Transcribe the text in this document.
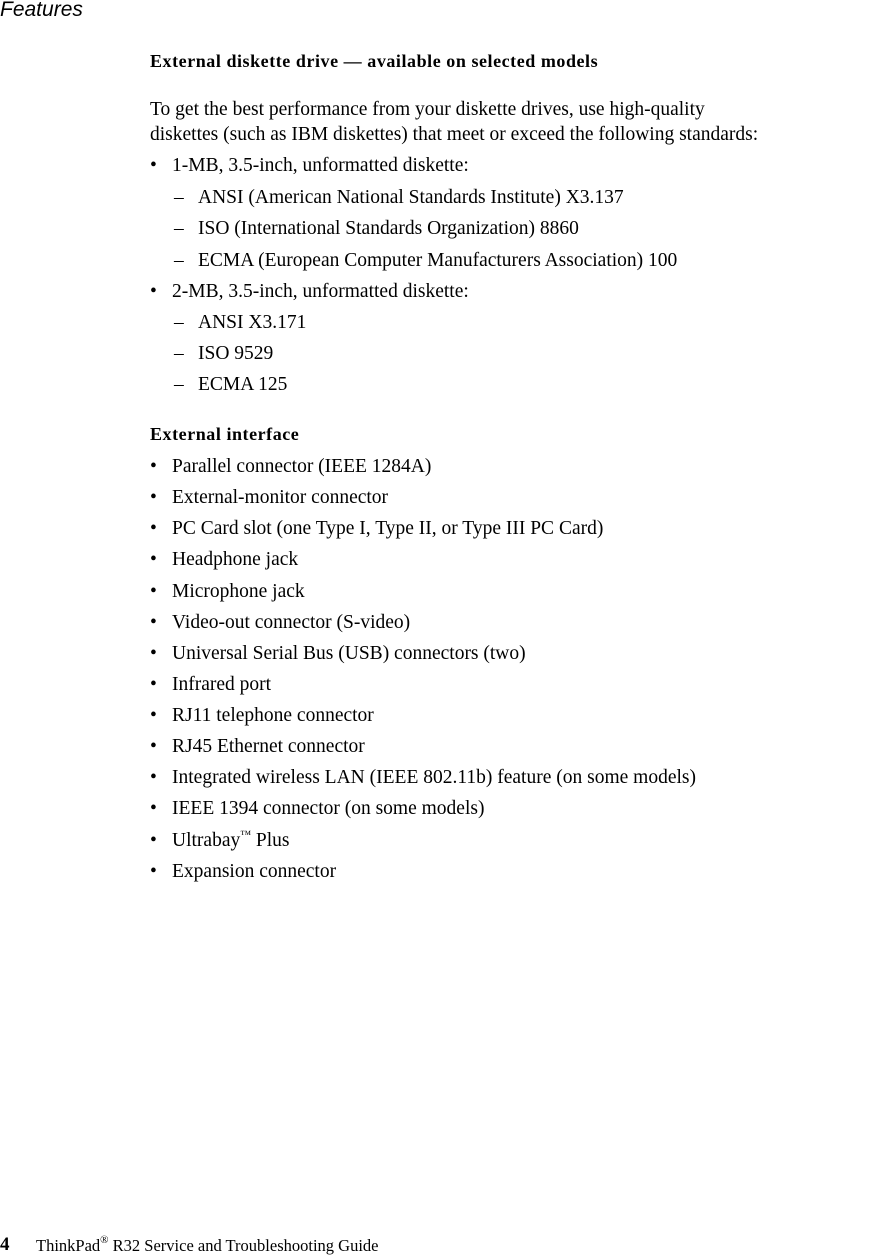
Features
External diskette drive — available on selected models
To get the best performance from your diskette drives, use high-quality
diskettes (such as IBM diskettes) that meet or exceed the following standards:
• 1-MB, 3.5-inch, unformatted diskette:
– ANSI (American National Standards Institute) X3.137
– ISO (International Standards Organization) 8860
– ECMA (European Computer Manufacturers Association) 100
• 2-MB, 3.5-inch, unformatted diskette:
– ANSI X3.171
– ISO 9529
– ECMA 125
External interface
• Parallel connector (IEEE 1284A)
• External-monitor connector
• PC Card slot (one Type I, Type II, or Type III PC Card)
• Headphone jack
• Microphone jack
• Video-out connector (S-video)
• Universal Serial Bus (USB) connectors (two)
• Infrared port
• RJ11 telephone connector
• RJ45 Ethernet connector
• Integrated wireless LAN (IEEE 802.11b) feature (on some models)
• IEEE 1394 connector (on some models)
• Ultrabay™ Plus
• Expansion connector
4 ThinkPad® R32 Service and Troubleshooting Guide
